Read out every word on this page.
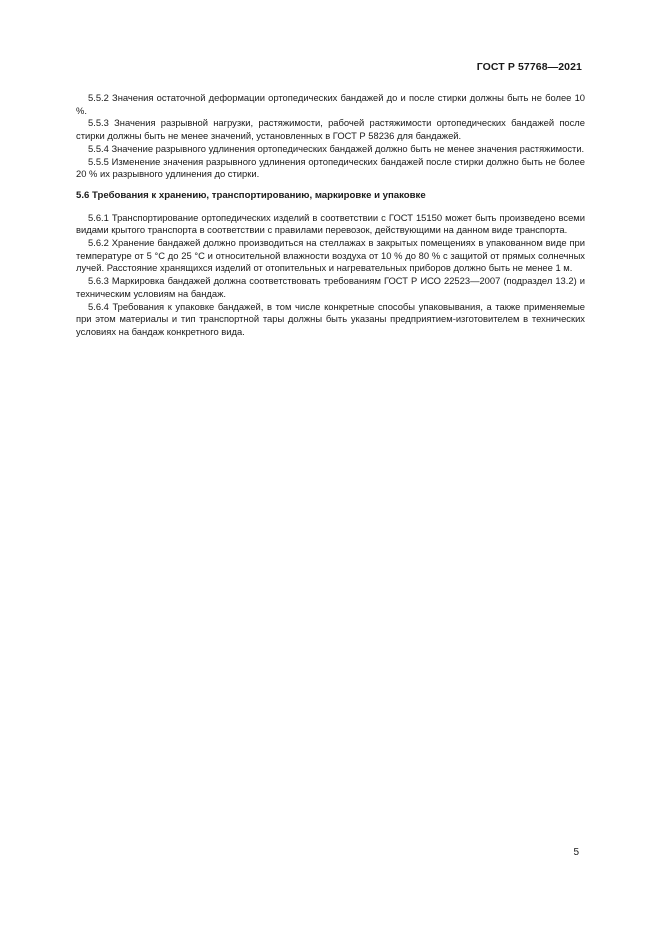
ГОСТ Р 57768—2021

5.5.2 Значения остаточной деформации ортопедических бандажей до и после стирки должны быть не более 10 %.

5.5.3 Значения разрывной нагрузки, растяжимости, рабочей растяжимости ортопедических бандажей после стирки должны быть не менее значений, установленных в ГОСТ Р 58236 для бандажей.

5.5.4 Значение разрывного удлинения ортопедических бандажей должно быть не менее значения растяжимости.

5.5.5 Изменение значения разрывного удлинения ортопедических бандажей после стирки должно быть не более 20 % их разрывного удлинения до стирки.

5.6 Требования к хранению, транспортированию, маркировке и упаковке

5.6.1 Транспортирование ортопедических изделий в соответствии с ГОСТ 15150 может быть произведено всеми видами крытого транспорта в соответствии с правилами перевозок, действующими на данном виде транспорта.

5.6.2 Хранение бандажей должно производиться на стеллажах в закрытых помещениях в упакованном виде при температуре от 5 °С до 25 °С и относительной влажности воздуха от 10 % до 80 % с защитой от прямых солнечных лучей. Расстояние хранящихся изделий от отопительных и нагревательных приборов должно быть не менее 1 м.

5.6.3 Маркировка бандажей должна соответствовать требованиям ГОСТ Р ИСО 22523—2007 (подраздел 13.2) и техническим условиям на бандаж.

5.6.4 Требования к упаковке бандажей, в том числе конкретные способы упаковывания, а также применяемые при этом материалы и тип транспортной тары должны быть указаны предприятием-изготовителем в технических условиях на бандаж конкретного вида.

5
